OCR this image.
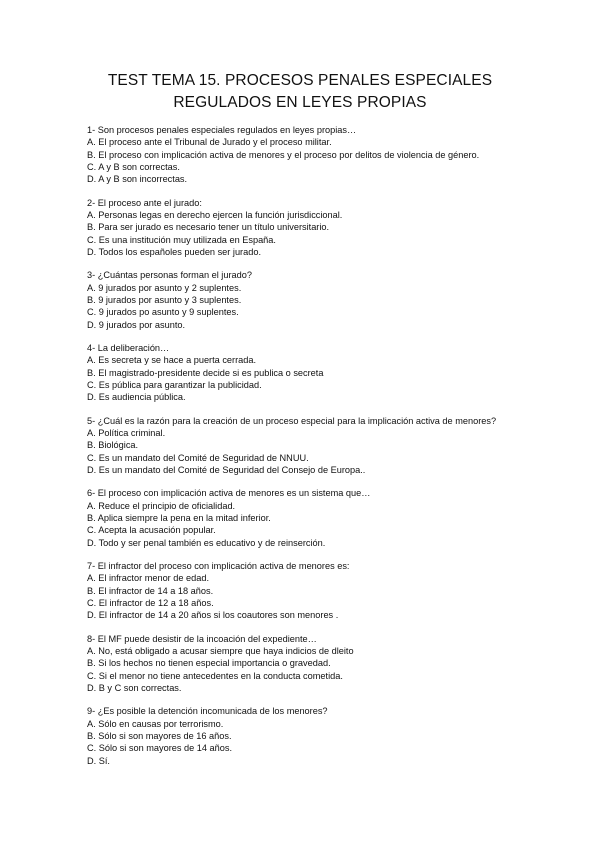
TEST TEMA 15. PROCESOS PENALES ESPECIALES
REGULADOS EN LEYES PROPIAS
1- Son procesos penales especiales regulados en leyes propias…
A. El proceso ante el Tribunal de Jurado y el proceso militar.
B. El proceso con implicación activa de menores y el proceso por delitos de violencia de género.
C. A y B son correctas.
D. A y B son incorrectas.
2- El proceso ante el jurado:
A. Personas legas en derecho ejercen la función jurisdiccional.
B. Para ser jurado es necesario tener un título universitario.
C. Es una institución muy utilizada en España.
D. Todos los españoles pueden ser jurado.
3- ¿Cuántas personas forman el jurado?
A. 9 jurados por asunto y 2 suplentes.
B. 9 jurados por asunto y 3 suplentes.
C. 9 jurados po asunto y 9 suplentes.
D. 9 jurados por asunto.
4- La deliberación…
A. Es secreta y se hace a puerta cerrada.
B. El magistrado-presidente decide si es publica o secreta
C. Es pública para garantizar la publicidad.
D. Es audiencia pública.
5- ¿Cuál es la razón para la creación de un proceso especial para la implicación activa de menores?
A. Política criminal.
B. Biológica.
C. Es un mandato del Comité de Seguridad de NNUU.
D. Es un mandato del Comité de Seguridad del Consejo de Europa..
6- El proceso con implicación activa de menores es un sistema que…
A. Reduce el principio de oficialidad.
B. Aplica siempre la pena en la mitad inferior.
C. Acepta la acusación popular.
D. Todo y ser penal también es educativo y de reinserción.
7- El infractor del proceso con implicación activa de menores es:
A. El infractor menor de edad.
B. El infractor de 14 a 18 años.
C. El infractor de 12 a 18 años.
D. El infractor de 14 a 20 años si los coautores son menores .
8- El MF puede desistir de la incoación del expediente…
A. No, está obligado a acusar siempre que haya indicios de dleito
B. Si los hechos no tienen especial importancia o gravedad.
C. Si el menor no tiene antecedentes en la conducta cometida.
D. B y C son correctas.
9- ¿Es posible la detención incomunicada de los menores?
A. Sólo en causas por terrorismo.
B. Sólo si son mayores de 16 años.
C. Sólo si son mayores de 14 años.
D. Sí.
